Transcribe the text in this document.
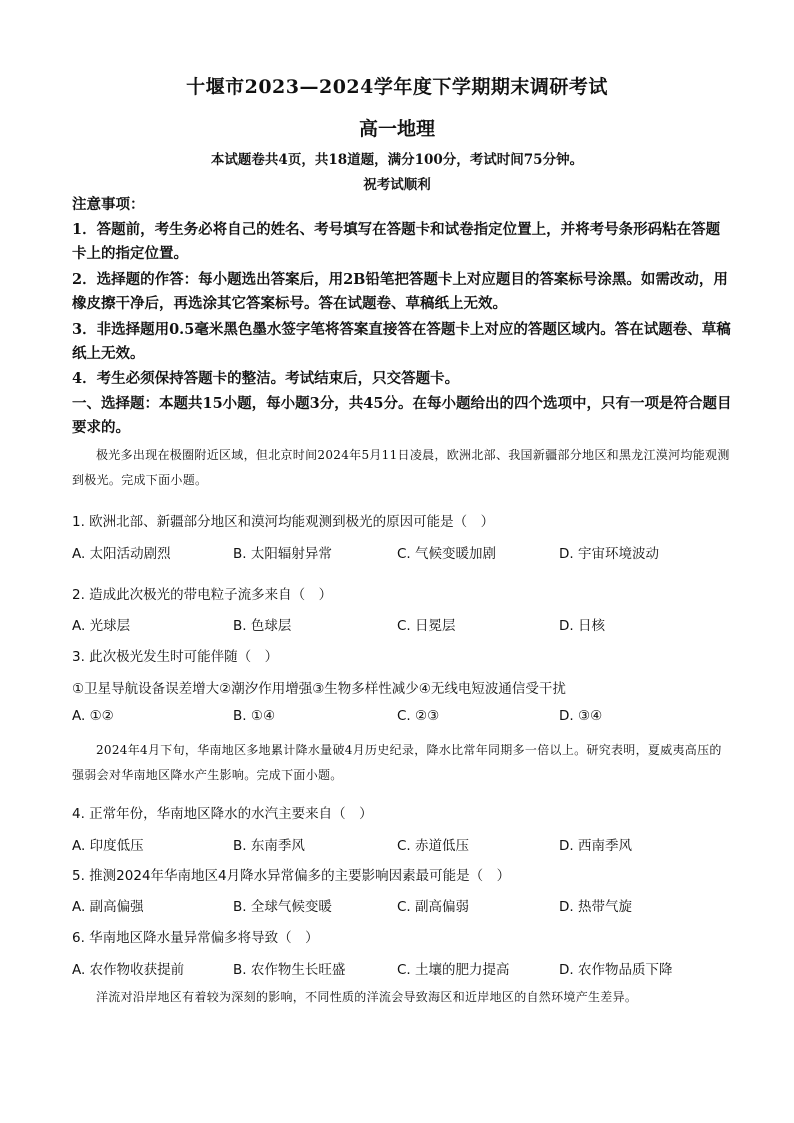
十堰市2023—2024学年度下学期期末调研考试
高一地理
本试题卷共4页，共18道题，满分100分，考试时间75分钟。
祝考试顺利
注意事项：
1．答题前，考生务必将自己的姓名、考号填写在答题卡和试卷指定位置上，并将考号条形码粘在答题卡上的指定位置。
2．选择题的作答：每小题选出答案后，用2B铅笔把答题卡上对应题目的答案标号涂黑。如需改动，用橡皮擦干净后，再选涂其它答案标号。答在试题卷、草稿纸上无效。
3．非选择题用0.5毫米黑色墨水签字笔将答案直接答在答题卡上对应的答题区域内。答在试题卷、草稿纸上无效。
4．考生必须保持答题卡的整洁。考试结束后，只交答题卡。
一、选择题：本题共15小题，每小题3分，共45分。在每小题给出的四个选项中，只有一项是符合题目要求的。
极光多出现在极圈附近区域，但北京时间2024年5月11日凌晨，欧洲北部、我国新疆部分地区和黑龙江漠河均能观测到极光。完成下面小题。
1. 欧洲北部、新疆部分地区和漠河均能观测到极光的原因可能是（　）
A. 太阳活动剧烈	B. 太阳辐射异常	C. 气候变暖加剧	D. 宇宙环境波动
2. 造成此次极光的带电粒子流多来自（　）
A. 光球层	B. 色球层	C. 日冕层	D. 日核
3. 此次极光发生时可能伴随（　）
①卫星导航设备误差增大②潮汐作用增强③生物多样性减少④无线电短波通信受干扰
A. ①②	B. ①④	C. ②③	D. ③④
2024年4月下旬，华南地区多地累计降水量破4月历史纪录，降水比常年同期多一倍以上。研究表明，夏威夷高压的强弱会对华南地区降水产生影响。完成下面小题。
4. 正常年份，华南地区降水的水汽主要来自（　）
A. 印度低压	B. 东南季风	C. 赤道低压	D. 西南季风
5. 推测2024年华南地区4月降水异常偏多的主要影响因素最可能是（　）
A. 副高偏强	B. 全球气候变暖	C. 副高偏弱	D. 热带气旋
6. 华南地区降水量异常偏多将导致（　）
A. 农作物收获提前	B. 农作物生长旺盛	C. 土壤的肥力提高	D. 农作物品质下降
洋流对沿岸地区有着较为深刻的影响，不同性质的洋流会导致海区和近岸地区的自然环境产生差异。
